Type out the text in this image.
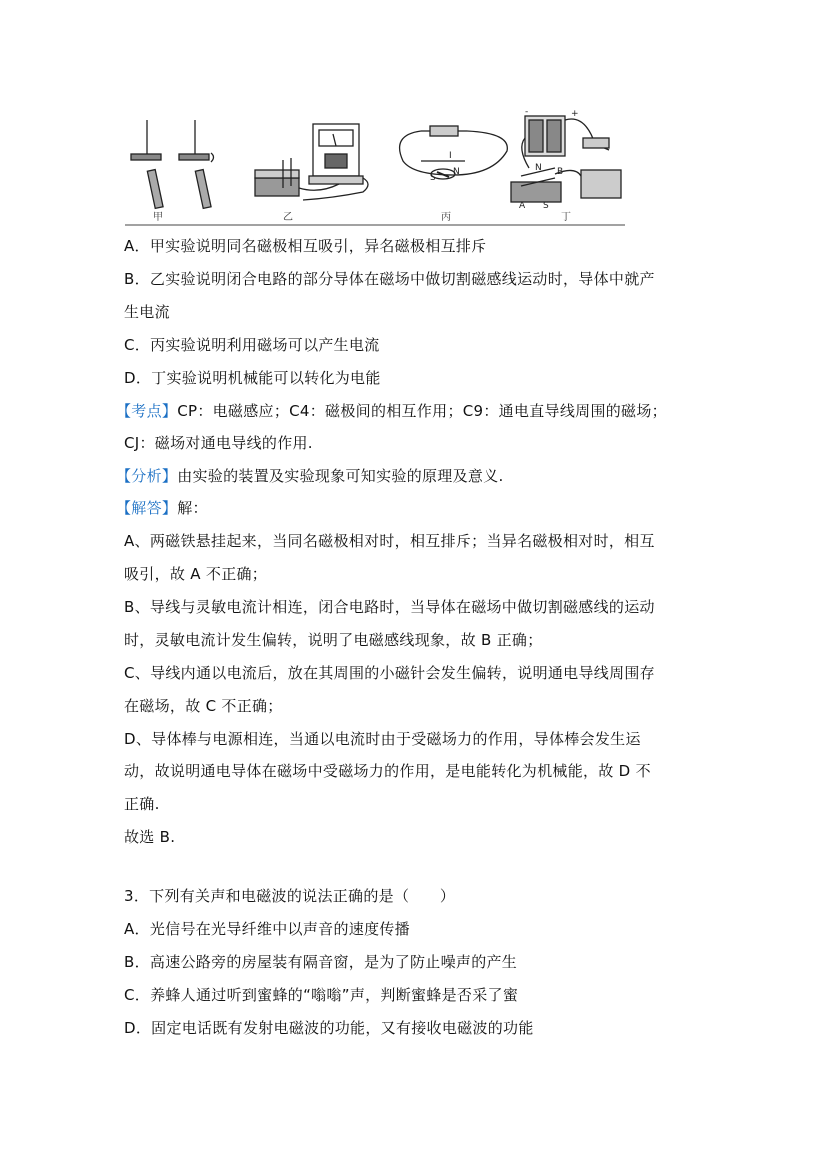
I
S
N	N
S
A
B
+
-
甲	乙	丙	丁
A．甲实验说明同名磁极相互吸引，异名磁极相互排斥
B．乙实验说明闭合电路的部分导体在磁场中做切割磁感线运动时，导体中就产
生电流
C．丙实验说明利用磁场可以产生电流
D．丁实验说明机械能可以转化为电能
【考点】CP：电磁感应；C4：磁极间的相互作用；C9：通电直导线周围的磁场；
CJ：磁场对通电导线的作用.
【分析】由实验的装置及实验现象可知实验的原理及意义.
【解答】解：
A、两磁铁悬挂起来，当同名磁极相对时，相互排斥；当异名磁极相对时，相互
吸引，故 A 不正确；
B、导线与灵敏电流计相连，闭合电路时，当导体在磁场中做切割磁感线的运动
时，灵敏电流计发生偏转，说明了电磁感线现象，故 B 正确；
C、导线内通以电流后，放在其周围的小磁针会发生偏转，说明通电导线周围存
在磁场，故 C 不正确；
D、导体棒与电源相连，当通以电流时由于受磁场力的作用，导体棒会发生运
动，故说明通电导体在磁场中受磁场力的作用，是电能转化为机械能，故 D 不
正确.
故选 B.
3．下列有关声和电磁波的说法正确的是（　　）
A．光信号在光导纤维中以声音的速度传播
B．高速公路旁的房屋装有隔音窗，是为了防止噪声的产生
C．养蜂人通过听到蜜蜂的“嗡嗡”声，判断蜜蜂是否采了蜜
D．固定电话既有发射电磁波的功能，又有接收电磁波的功能
